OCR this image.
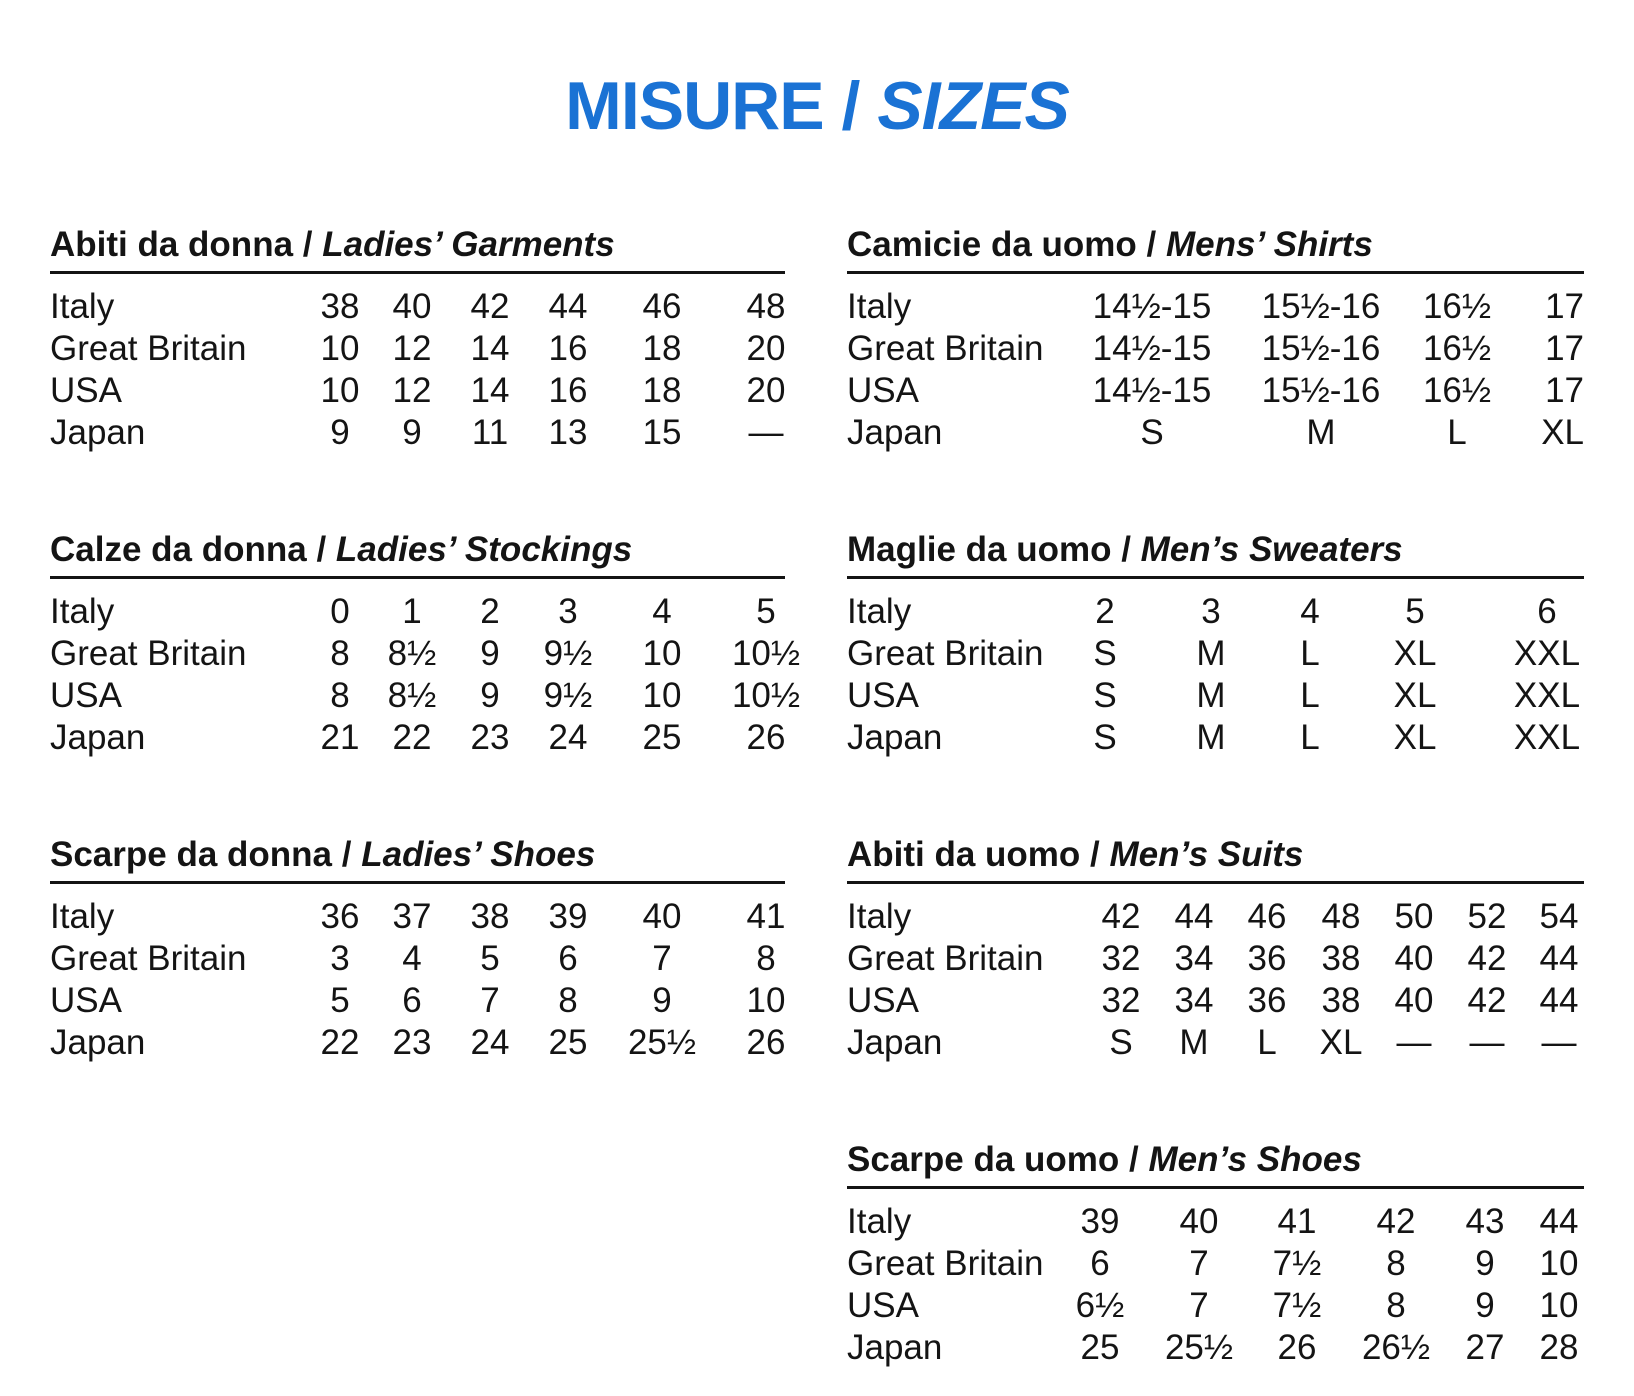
MISURE / SIZES
Abiti da donna / Ladies’ Garments
Italy	38 40 42 44 46 48
Great Britain 10 12 14 16 18 20
USA	10 12 14 16 18 20
Japan	9 9 11 13 15 —
Calze da donna / Ladies’ Stockings
Italy	0 1 2 3 4 5
Great Britain 8 8½ 9 9½ 10 10½
USA	8 8½ 9 9½ 10 10½
Japan	21 22 23 24 25 26
Scarpe da donna / Ladies’ Shoes
Italy	36 37 38 39 40 41
Great Britain 3 4 5 6 7 8
USA	5 6 7 8 9 10
Japan	22 23 24 25 25½ 26
Camicie da uomo / Mens’ Shirts
Italy	14½-15 15½-16 16½ 17
Great Britain 14½-15 15½-16 16½ 17
USA	14½-15 15½-16 16½ 17
Japan	S	M	L XL
Maglie da uomo / Men’s Sweaters
Italy	2 3 4 5	6
Great Britain S M L XL XXL
USA	S M L XL XXL
Japan	S M L XL XXL
Abiti da uomo / Men’s Suits
Italy	42 44 46 48 50 52 54
Great Britain 32 34 36 38 40 42 44
USA	32 34 36 38 40 42 44
Japan	S M L XL — — —
Scarpe da uomo / Men’s Shoes
Italy	39 40 41 42 43 44
Great Britain 6 7 7½ 8 9 10
USA	6½ 7 7½ 8 9 10
Japan	25 25½ 26 26½ 27 28
